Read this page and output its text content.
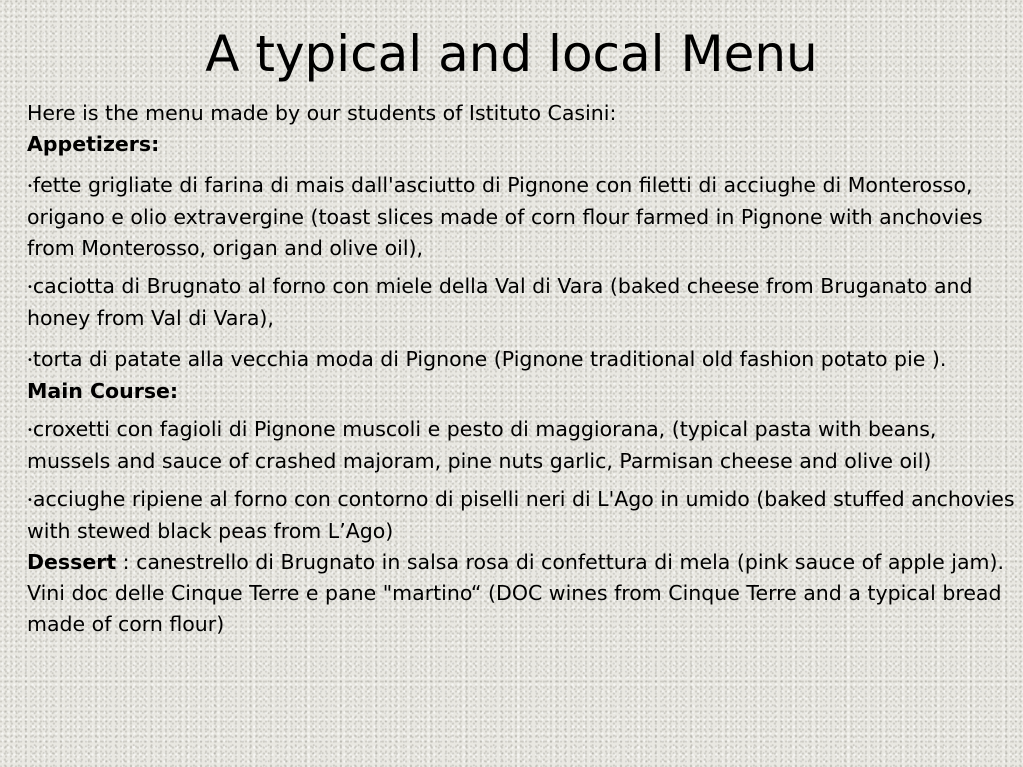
A typical and local Menu

Here is the menu made by our students of Istituto Casini:

Appetizers:

•fette grigliate di farina di mais dall'asciutto di Pignone con filetti di acciughe di Monterosso, origano e olio extravergine (toast slices made of corn flour farmed in Pignone with anchovies from Monterosso, origan and olive oil),

•caciotta di Brugnato al forno con miele della Val di Vara (baked cheese from Bruganato and honey from Val di Vara),

•torta di patate alla vecchia moda di Pignone (Pignone traditional old fashion potato pie ).

Main Course:

•croxetti con fagioli di Pignone muscoli e pesto di maggiorana, (typical pasta with beans, mussels and sauce of crashed majoram, pine nuts garlic, Parmisan cheese and olive oil)

•acciughe ripiene al forno con contorno di piselli neri di L'Ago in umido (baked stuffed anchovies with stewed black peas from L’Ago)

Dessert : canestrello di Brugnato in salsa rosa di confettura di mela (pink sauce of apple jam).

Vini doc delle Cinque Terre e pane "martino“ (DOC wines from Cinque Terre and a typical bread made of corn flour)
